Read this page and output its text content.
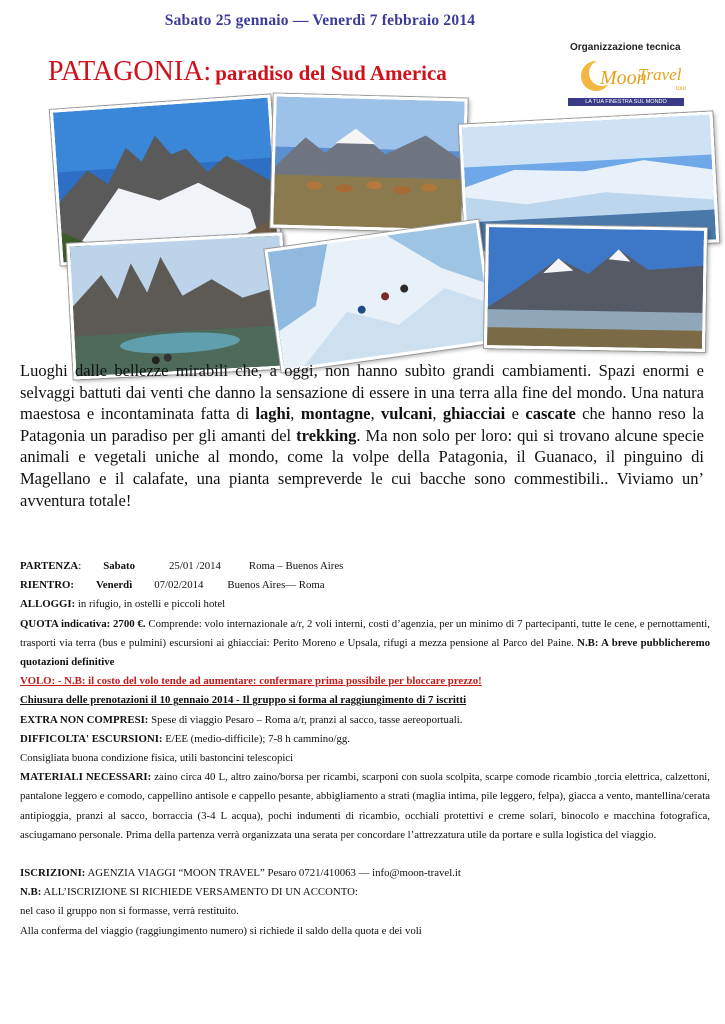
Sabato 25 gennaio — Venerdì 7 febbraio 2014
PATAGONIA: paradiso del Sud America
Organizzazione tecnica
Moon
Travel
tour
LA TUA FINESTRA SUL MONDO
Luoghi dalle bellezze mirabili che, a oggi, non hanno subìto grandi cambiamenti. Spazi enormi e selvaggi battuti dai venti che danno la sensazione di essere in una terra alla fine del mondo. Una natura maestosa e incontaminata fatta di laghi, montagne, vulcani, ghiacciai e cascate che hanno reso la Patagonia un paradiso per gli amanti del trekking. Ma non solo per loro: qui si trovano alcune specie animali e vegetali uniche al mondo, come la volpe della Patagonia, il Guanaco, il pinguino di Magellano e il calafate, una pianta sempreverde le cui bacche sono commestibili.. Viviamo un’ avventura totale!

PARTENZA: Sabato	25/01 /2014	Roma – Buenos Aires

RIENTRO: Venerdì 07/02/2014 Buenos Aires— Roma

ALLOGGI: in rifugio, in ostelli e piccoli hotel

QUOTA indicativa: 2700 €. Comprende: volo internazionale a/r, 2 voli interni, costi d’agenzia, per un minimo di 7 partecipanti, tutte le cene, e pernottamenti, trasporti via terra (bus e pulmini) escursioni ai ghiacciai: Perito Moreno e Upsala, rifugi a mezza pensione al Parco del Paine. N.B: A breve pubblicheremo quotazioni definitive

VOLO: - N.B: il costo del volo tende ad aumentare: confermare prima possibile per bloccare prezzo!

Chiusura delle prenotazioni il 10 gennaio 2014 - Il gruppo si forma al raggiungimento di 7 iscritti

EXTRA NON COMPRESI: Spese di viaggio Pesaro – Roma a/r, pranzi al sacco, tasse aereoportuali.

DIFFICOLTA' ESCURSIONI: E/EE (medio-difficile); 7-8 h cammino/gg.

Consigliata buona condizione fisica, utili bastoncini telescopici

MATERIALI NECESSARI: zaino circa 40 L, altro zaino/borsa per ricambi, scarponi con suola scolpita, scarpe comode ricambio ,torcia elettrica, calzettoni, pantalone leggero e comodo, cappellino antisole e cappello pesante, abbigliamento a strati (maglia intima, pile leggero, felpa), giacca a vento, mantellina/cerata antipioggia, pranzi al sacco, borraccia (3-4 L acqua), pochi indumenti di ricambio, occhiali protettivi e creme solari, binocolo e macchina fotografica, asciugamano personale. Prima della partenza verrà organizzata una serata per concordare l’attrezzatura utile da portare e sulla logistica del viaggio.

ISCRIZIONI: AGENZIA VIAGGI “MOON TRAVEL” Pesaro 0721/410063 — info@moon-travel.it

N.B: ALL’ISCRIZIONE SI RICHIEDE VERSAMENTO DI UN ACCONTO:

nel caso il gruppo non si formasse, verrà restituito.

Alla conferma del viaggio (raggiungimento numero) si richiede il saldo della quota e dei voli
